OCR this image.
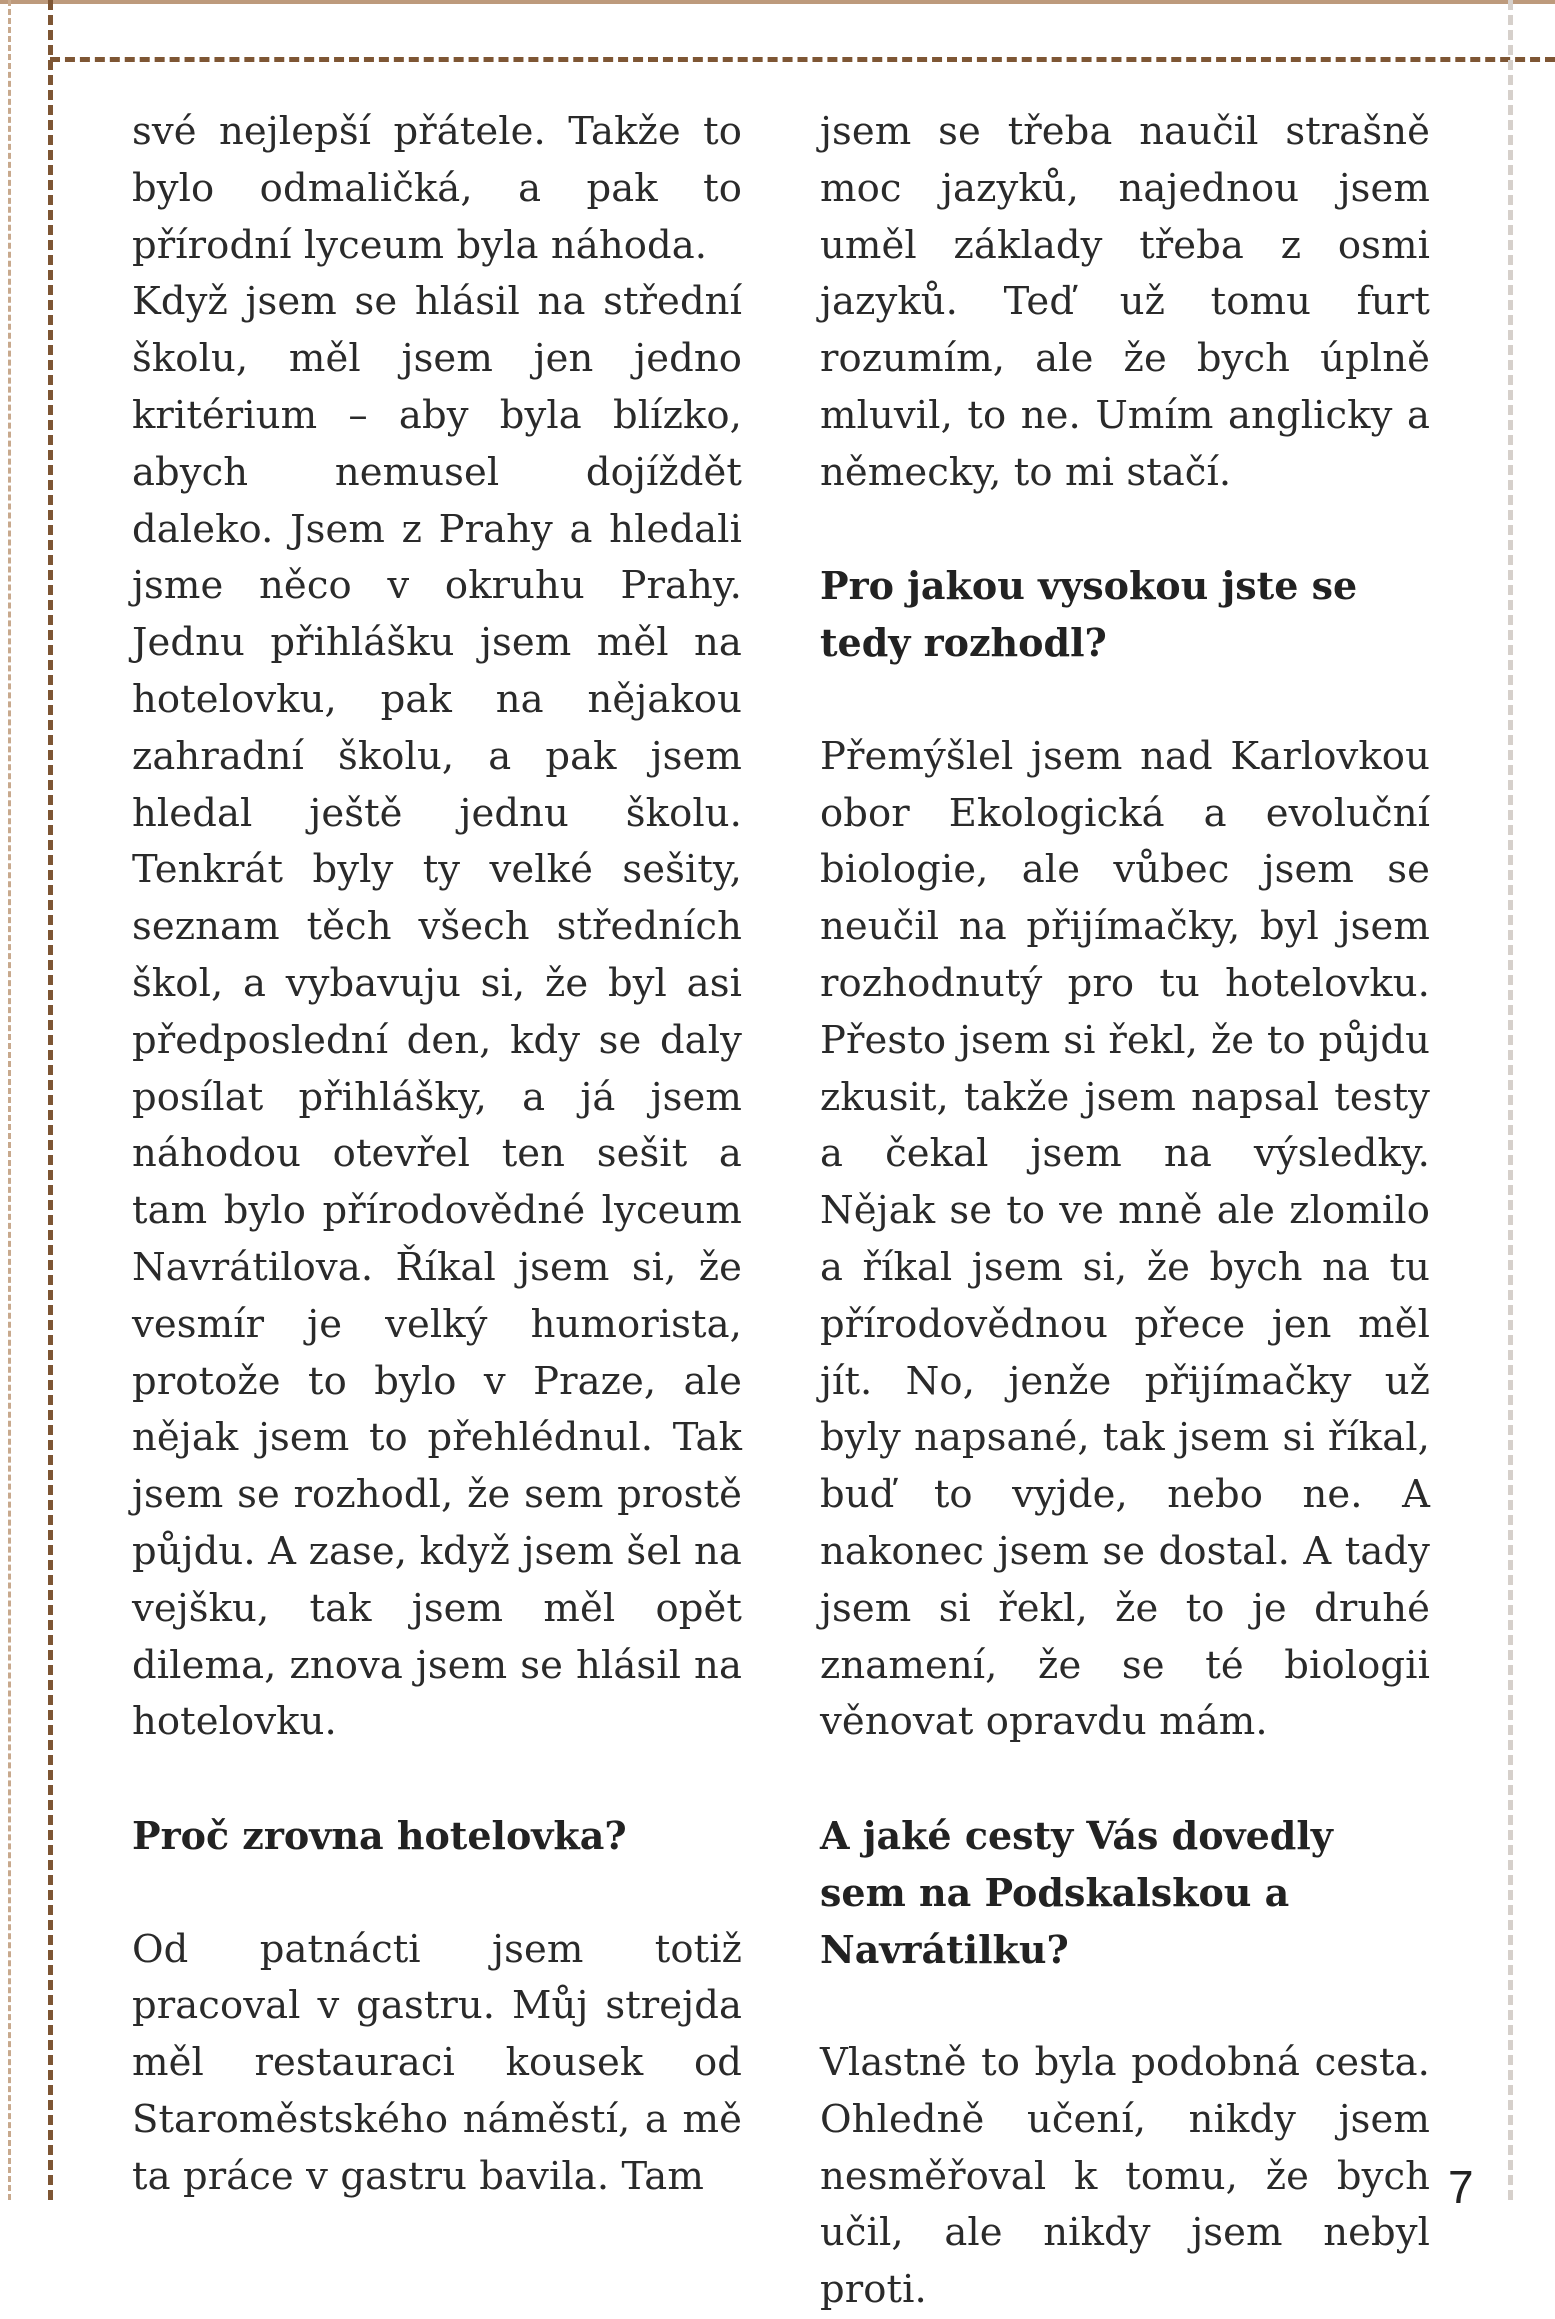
své nejlepší přátele. Takže to bylo odmaličká, a pak to přírodní lyceum byla náhoda.

Když jsem se hlásil na střední školu, měl jsem jen jedno kritérium – aby byla blízko, abych nemusel dojíždět daleko. Jsem z Prahy a hledali jsme něco v okruhu Prahy. Jednu přihlášku jsem měl na hotelovku, pak na nějakou zahradní školu, a pak jsem hledal ještě jednu školu. Tenkrát byly ty velké sešity, seznam těch všech středních škol, a vybavuju si, že byl asi předposlední den, kdy se daly posílat přihlášky, a já jsem náhodou otevřel ten sešit a tam bylo přírodovědné lyceum Navrátilova. Říkal jsem si, že vesmír je velký humorista, protože to bylo v Praze, ale nějak jsem to přehlédnul. Tak jsem se rozhodl, že sem prostě půjdu. A zase, když jsem šel na vejšku, tak jsem měl opět dilema, znova jsem se hlásil na hotelovku.

Proč zrovna hotelovka?

Od patnácti jsem totiž pracoval v gastru. Můj strejda měl restauraci kousek od Staroměstského náměstí, a mě ta práce v gastru bavila. Tam

jsem se třeba naučil strašně moc jazyků, najednou jsem uměl základy třeba z osmi jazyků. Teď už tomu furt rozumím, ale že bych úplně mluvil, to ne. Umím anglicky a německy, to mi stačí.

Pro jakou vysokou jste se tedy rozhodl?

Přemýšlel jsem nad Karlovkou obor Ekologická a evoluční biologie, ale vůbec jsem se neučil na přijímačky, byl jsem rozhodnutý pro tu hotelovku. Přesto jsem si řekl, že to půjdu zkusit, takže jsem napsal testy a čekal jsem na výsledky. Nějak se to ve mně ale zlomilo a říkal jsem si, že bych na tu přírodovědnou přece jen měl jít. No, jenže přijímačky už byly napsané, tak jsem si říkal, buď to vyjde, nebo ne. A nakonec jsem se dostal. A tady jsem si řekl, že to je druhé znamení, že se té biologii věnovat opravdu mám.

A jaké cesty Vás dovedly sem na Podskalskou a Navrátilku?

Vlastně to byla podobná cesta. Ohledně učení, nikdy jsem nesměřoval k tomu, že bych učil, ale nikdy jsem nebyl proti.

7
